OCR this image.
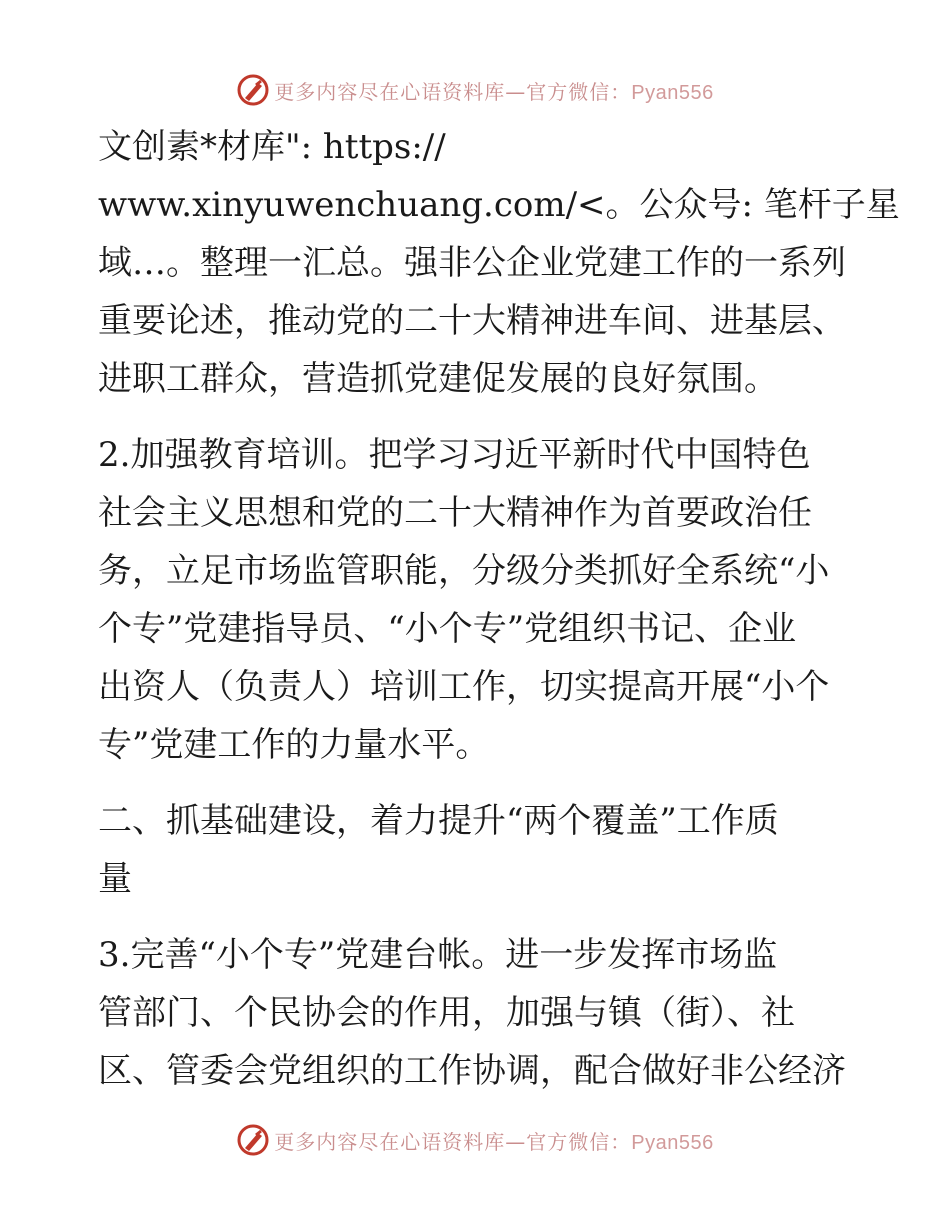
更多内容尽在心语资料库—官方微信：Pyan556
文创素*材库": https://
www.xinyuwenchuang.com/<。公众号: 笔杆子星
域…。整理一汇总。强非公企业党建工作的一系列
重要论述，推动党的二十大精神进车间、进基层、
进职工群众，营造抓党建促发展的良好氛围。
2.加强教育培训。把学习习近平新时代中国特色
社会主义思想和党的二十大精神作为首要政治任
务，立足市场监管职能，分级分类抓好全系统“小
个专”党建指导员、“小个专”党组织书记、企业
出资人（负责人）培训工作，切实提高开展“小个
专”党建工作的力量水平。
二、抓基础建设，着力提升“两个覆盖”工作质
量
3.完善“小个专”党建台帐。进一步发挥市场监
管部门、个民协会的作用，加强与镇（街）、社
区、管委会党组织的工作协调，配合做好非公经济
更多内容尽在心语资料库—官方微信：Pyan556
